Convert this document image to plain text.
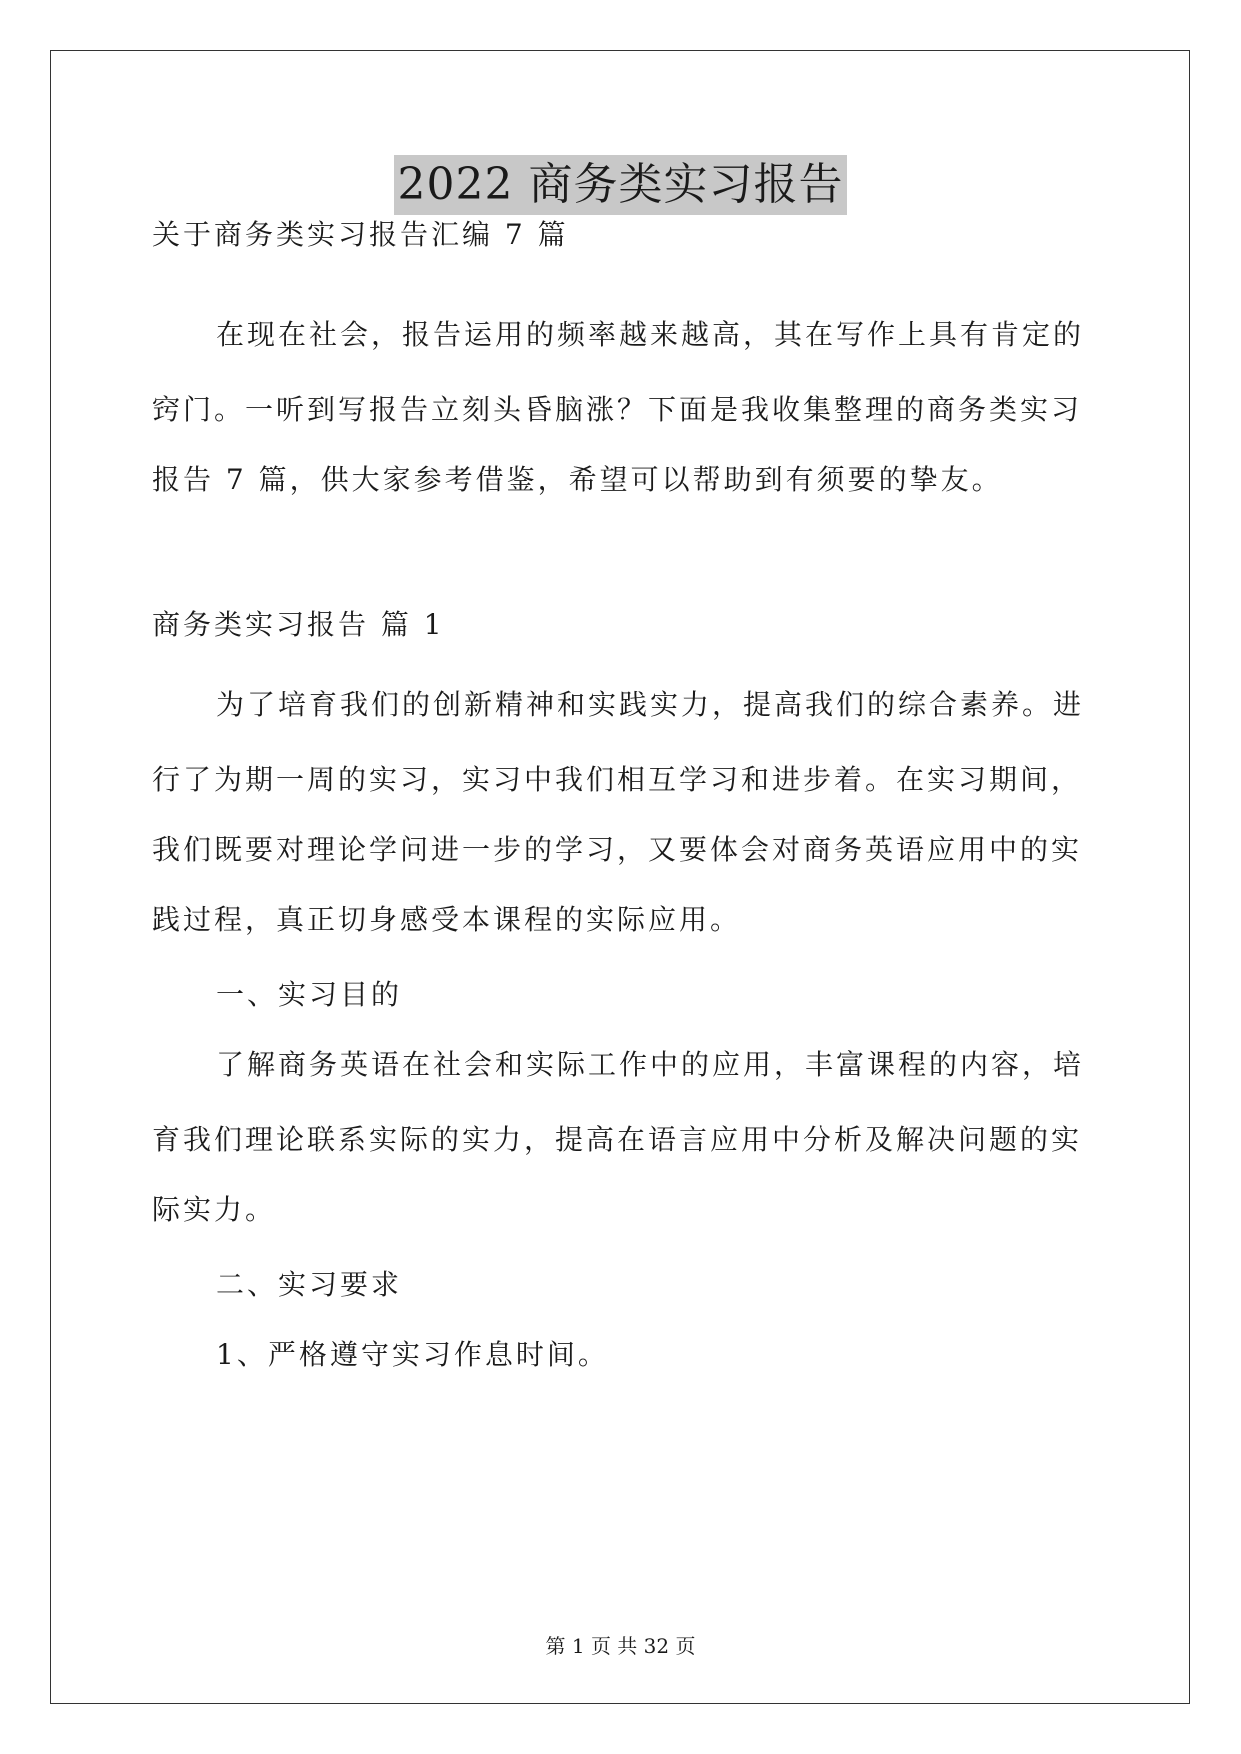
2022 商务类实习报告
关于商务类实习报告汇编 7 篇
在现在社会，报告运用的频率越来越高，其在写作上具有肯定的
窍门。一听到写报告立刻头昏脑涨？下面是我收集整理的商务类实习
报告 7 篇，供大家参考借鉴，希望可以帮助到有须要的挚友。
商务类实习报告 篇 1
为了培育我们的创新精神和实践实力，提高我们的综合素养。进
行了为期一周的实习，实习中我们相互学习和进步着。在实习期间，
我们既要对理论学问进一步的学习，又要体会对商务英语应用中的实
践过程，真正切身感受本课程的实际应用。
一、实习目的
了解商务英语在社会和实际工作中的应用，丰富课程的内容，培
育我们理论联系实际的实力，提高在语言应用中分析及解决问题的实
际实力。
二、实习要求
1、严格遵守实习作息时间。
第 1 页 共 32 页
